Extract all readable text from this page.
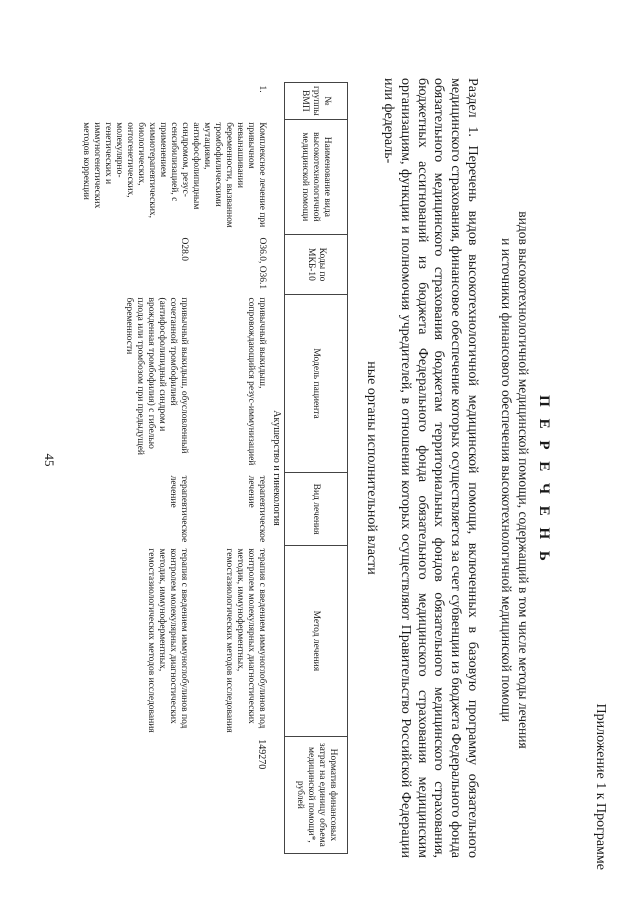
45
Приложение 1 к Программе
П Е Р Е Ч Е Н Ь
видов высокотехнологичной медицинской помощи, содержащий в том числе методы лечения
и источники финансового обеспечения высокотехнологичной медицинской помощи
Раздел 1. Перечень видов высокотехнологичной медицинской помощи, включенных в базовую программу обязательного медицинского страхования, финансовое обеспечение которых осуществляется за счет субвенции из бюджета Федерального фонда обязательного медицинского страхования бюджетам территориальных фондов обязательного медицинского страхования, бюджетных ассигнований из бюджета Федерального фонда обязательного медицинского страхования медицинским организациям, функции и полномочия учредителей, в отношении которых осуществляют Правительство Российской Федерации или федераль-
ные органы исполнительной власти
№ группы ВМП	Наименование вида высокотехнологичной медицинской помощи	Коды по МКБ-10	Модель пациента	Вид лечения	Метод лечения	Норматив финансовых затрат на единицу объема медицинской помощи*, рублей
Акушерство и гинекология						
1.	Комплексное лечение при привычном невынашивании беременности, вызванном тромбофилическими мутациями, антифосфолипидным синдромом, резус-сенсибилизацией, с применением химиотерапевтических, биологических, онтогенетических, молекулярно-генетических и иммуногенетических методов коррекции	O36.0, O36.1	привычный выкидыш, сопровождающийся резус-иммунизацией	терапевтическое лечение	терапия с введением иммуноглобулинов под контролем молекулярных диагностических методик, иммуноферментных, гемостазиологических методов исследования	149270
		O28.0	привычный выкидыш, обусловленный сочетанной тромбофилией (антифосфолипидный синдром и врожденная тромбофилия) с гибелью плода или тромбозом при предыдущей беременности	терапевтическое лечение	терапия с введением иммуноглобулинов под контролем молекулярных диагностических методик, иммуноферментных, гемостазиологических методов исследования	
